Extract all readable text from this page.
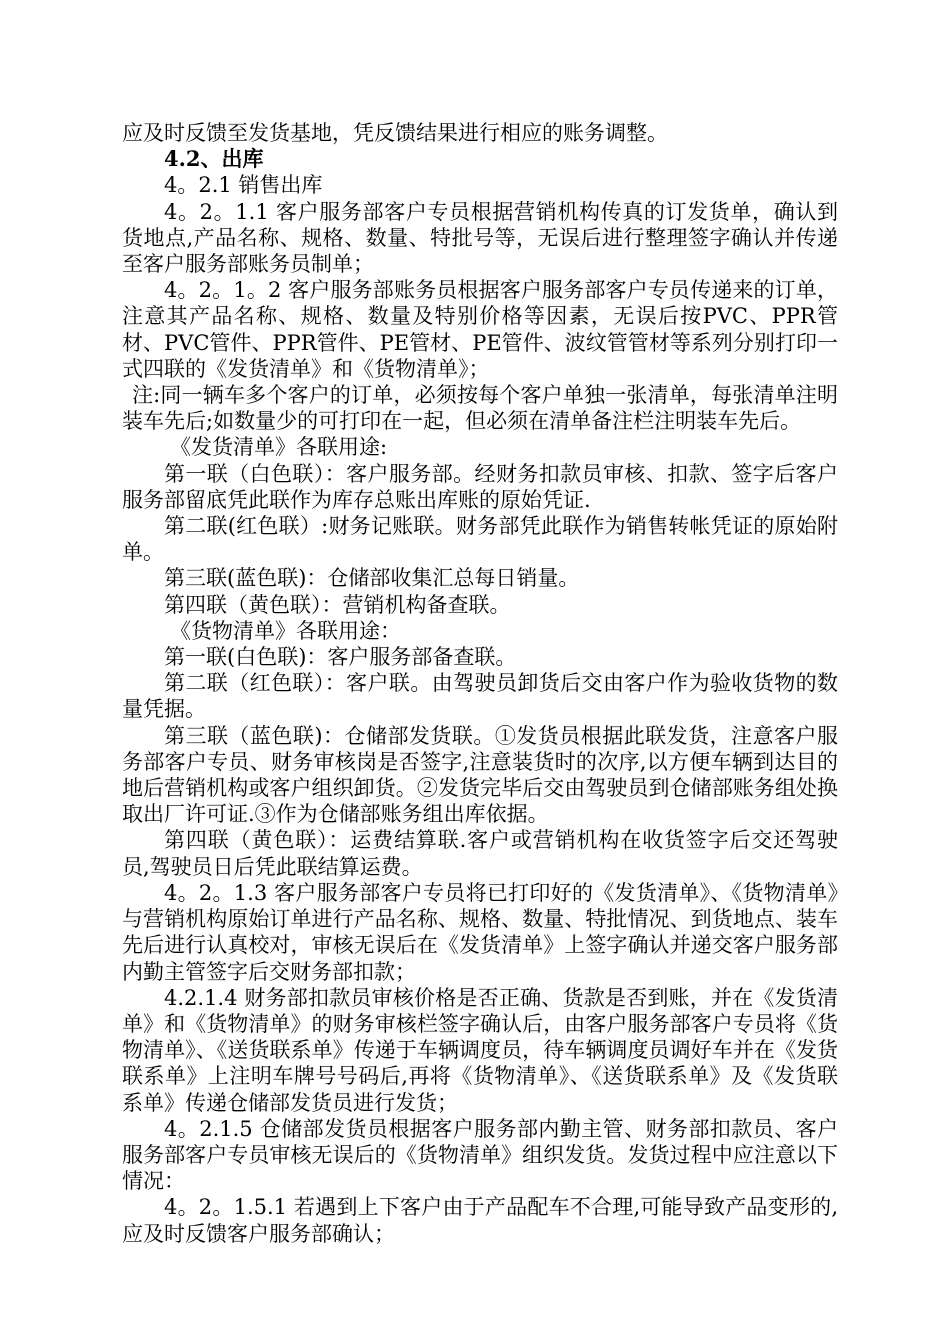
应及时反馈至发货基地，凭反馈结果进行相应的账务调整。

4.2、出库

4。2.1 销售出库

4。2。1.1 客户服务部客户专员根据营销机构传真的订发货单，确认到货地点,产品名称、规格、数量、特批号等，无误后进行整理签字确认并传递至客户服务部账务员制单；

4。2。1。2 客户服务部账务员根据客户服务部客户专员传递来的订单，注意其产品名称、规格、数量及特别价格等因素，无误后按PVC、PPR管材、PVC管件、PPR管件、PE管材、PE管件、波纹管管材等系列分别打印一式四联的《发货清单》和《货物清单》；

注:同一辆车多个客户的订单，必须按每个客户单独一张清单，每张清单注明装车先后;如数量少的可打印在一起，但必须在清单备注栏注明装车先后。

《发货清单》各联用途:

第一联（白色联）：客户服务部。经财务扣款员审核、扣款、签字后客户服务部留底凭此联作为库存总账出库账的原始凭证.

第二联(红色联）:财务记账联。财务部凭此联作为销售转帐凭证的原始附单。

第三联(蓝色联)：仓储部收集汇总每日销量。

第四联（黄色联）：营销机构备查联。

《货物清单》各联用途：

第一联(白色联)：客户服务部备查联。

第二联（红色联）：客户联。由驾驶员卸货后交由客户作为验收货物的数量凭据。

第三联（蓝色联)：仓储部发货联。①发货员根据此联发货，注意客户服务部客户专员、财务审核岗是否签字,注意装货时的次序,以方便车辆到达目的地后营销机构或客户组织卸货。②发货完毕后交由驾驶员到仓储部账务组处换取出厂许可证.③作为仓储部账务组出库依据。

第四联（黄色联）：运费结算联.客户或营销机构在收货签字后交还驾驶员,驾驶员日后凭此联结算运费。

4。2。1.3 客户服务部客户专员将已打印好的《发货清单》、《货物清单》与营销机构原始订单进行产品名称、规格、数量、特批情况、到货地点、装车先后进行认真校对，审核无误后在《发货清单》上签字确认并递交客户服务部内勤主管签字后交财务部扣款；

4.2.1.4 财务部扣款员审核价格是否正确、货款是否到账，并在《发货清单》和《货物清单》的财务审核栏签字确认后，由客户服务部客户专员将《货物清单》、《送货联系单》传递于车辆调度员，待车辆调度员调好车并在《发货联系单》上注明车牌号号码后,再将《货物清单》、《送货联系单》及《发货联系单》传递仓储部发货员进行发货；

4。2.1.5 仓储部发货员根据客户服务部内勤主管、财务部扣款员、客户服务部客户专员审核无误后的《货物清单》组织发货。发货过程中应注意以下情况：

4。2。1.5.1 若遇到上下客户由于产品配车不合理,可能导致产品变形的,应及时反馈客户服务部确认；
